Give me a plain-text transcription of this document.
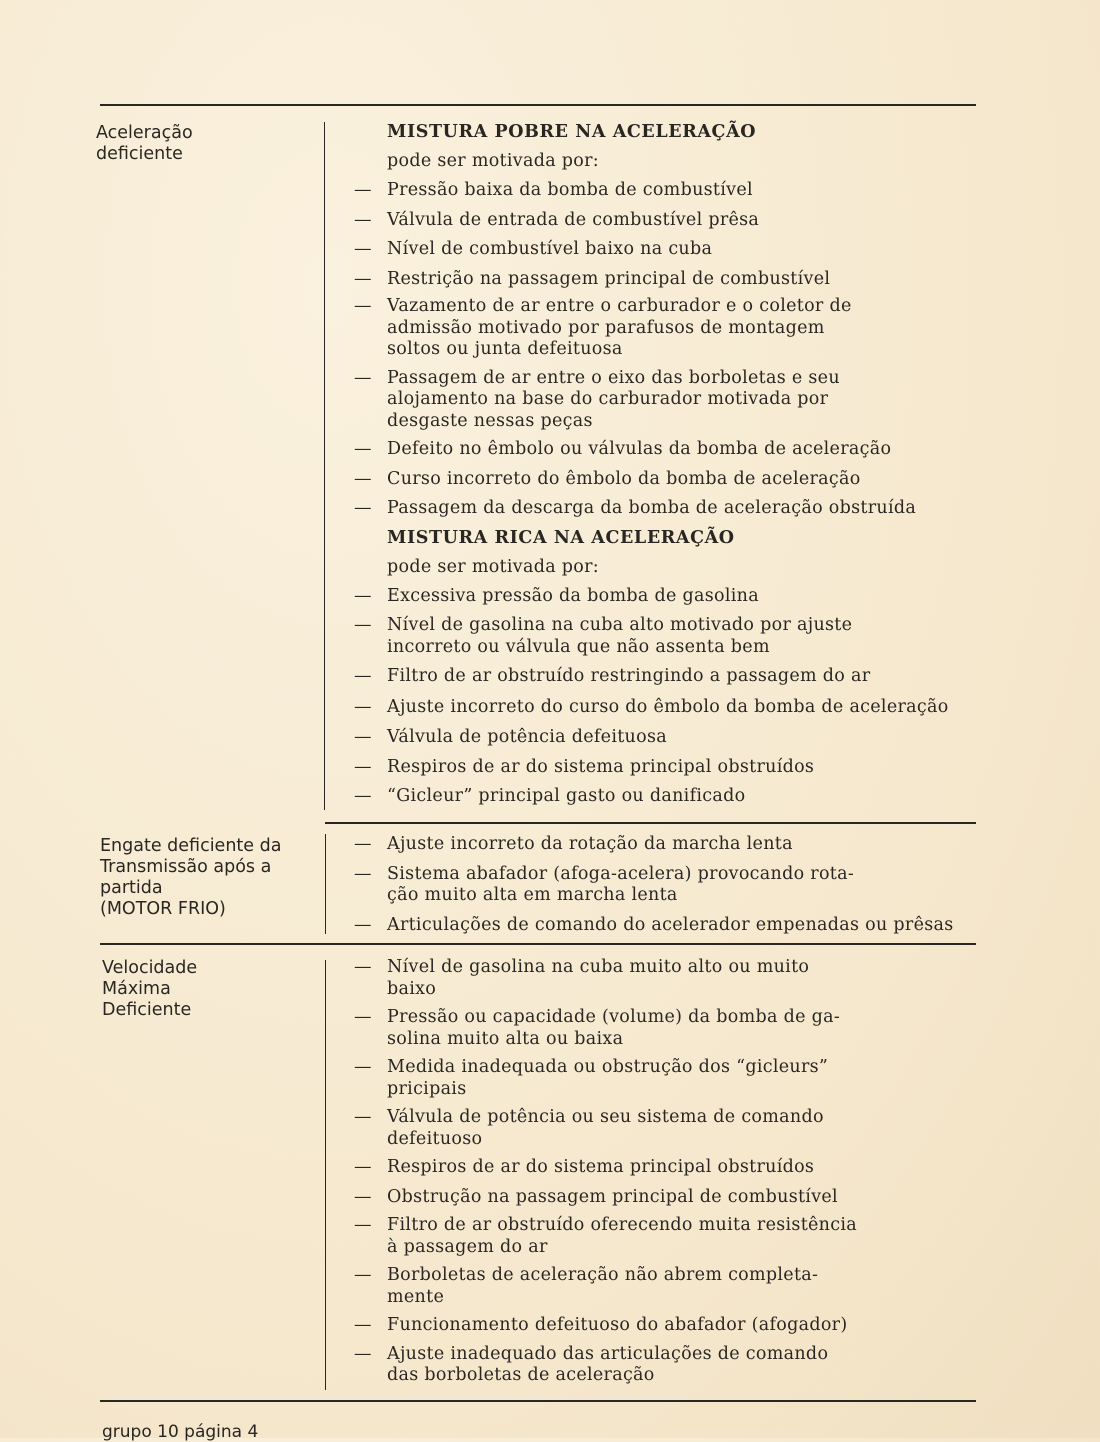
Aceleração
deficiente

MISTURA POBRE NA ACELERAÇÃO

pode ser motivada por:

— Pressão baixa da bomba de combustível
— Válvula de entrada de combustível prêsa
— Nível de combustível baixo na cuba
— Restrição na passagem principal de combustível
— Vazamento de ar entre o carburador e o coletor de
admissão motivado por parafusos de montagem
soltos ou junta defeituosa
— Passagem de ar entre o eixo das borboletas e seu
alojamento na base do carburador motivada por
desgaste nessas peças
— Defeito no êmbolo ou válvulas da bomba de aceleração
— Curso incorreto do êmbolo da bomba de aceleração
— Passagem da descarga da bomba de aceleração obstruída

MISTURA RICA NA ACELERAÇÃO

pode ser motivada por:

— Excessiva pressão da bomba de gasolina
— Nível de gasolina na cuba alto motivado por ajuste
incorreto ou válvula que não assenta bem
— Filtro de ar obstruído restringindo a passagem do ar
— Ajuste incorreto do curso do êmbolo da bomba de aceleração
— Válvula de potência defeituosa
— Respiros de ar do sistema principal obstruídos
— “Gicleur” principal gasto ou danificado
Engate deficiente da
Transmissão após a
partida
(MOTOR FRIO)
— Ajuste incorreto da rotação da marcha lenta
— Sistema abafador (afoga-acelera) provocando rota-
ção muito alta em marcha lenta
— Articulações de comando do acelerador empenadas ou prêsas
Velocidade
Máxima
Deficiente
— Nível de gasolina na cuba muito alto ou muito
baixo
— Pressão ou capacidade (volume) da bomba de ga-
solina muito alta ou baixa
— Medida inadequada ou obstrução dos “gicleurs”
pricipais
— Válvula de potência ou seu sistema de comando
defeituoso
— Respiros de ar do sistema principal obstruídos
— Obstrução na passagem principal de combustível
— Filtro de ar obstruído oferecendo muita resistência
à passagem do ar
— Borboletas de aceleração não abrem completa-
mente
— Funcionamento defeituoso do abafador (afogador)
— Ajuste inadequado das articulações de comando
das borboletas de aceleração
grupo 10 página 4
